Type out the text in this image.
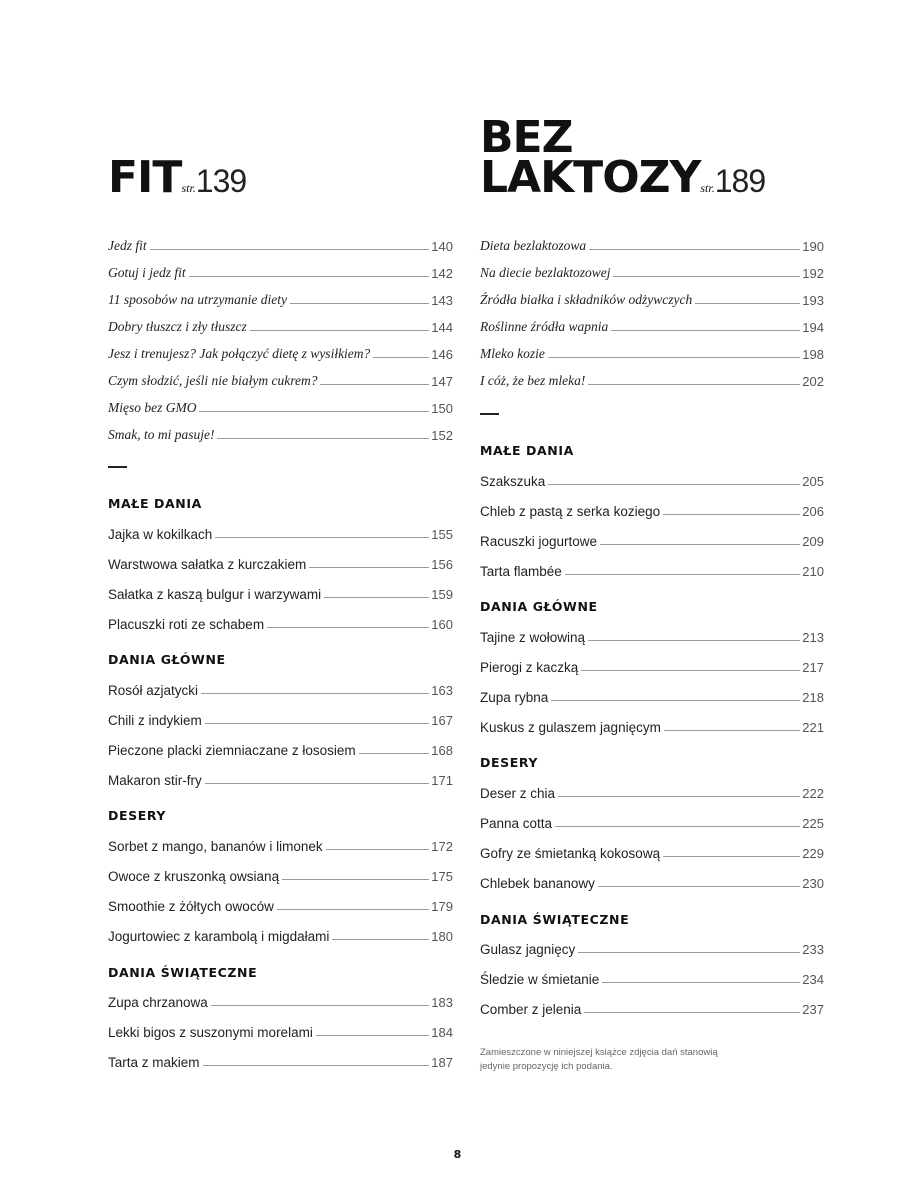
FITstr.139
Jedz fit	140
Gotuj i jedz fit	142
11 sposobów na utrzymanie diety	143
Dobry tłuszcz i zły tłuszcz	144
Jesz i trenujesz? Jak połączyć dietę z wysiłkiem?	146
Czym słodzić, jeśli nie białym cukrem?	147
Mięso bez GMO	150
Smak, to mi pasuje!	152
MAŁE DANIA
Jajka w kokilkach	155
Warstwowa sałatka z kurczakiem	156
Sałatka z kaszą bulgur i warzywami	159
Placuszki roti ze schabem	160
DANIA GŁÓWNE
Rosół azjatycki	163
Chili z indykiem	167
Pieczone placki ziemniaczane z łososiem	168
Makaron stir-fry	171
DESERY
Sorbet z mango, bananów i limonek	172
Owoce z kruszonką owsianą	175
Smoothie z żółtych owoców	179
Jogurtowiec z karambolą i migdałami	180
DANIA ŚWIĄTECZNE
Zupa chrzanowa	183
Lekki bigos z suszonymi morelami	184
Tarta z makiem	187
BEZ
LAKTOZYstr.189
Dieta bezlaktozowa	190
Na diecie bezlaktozowej	192
Źródła białka i składników odżywczych	193
Roślinne źródła wapnia	194
Mleko kozie	198
I cóż, że bez mleka!	202
MAŁE DANIA
Szakszuka	205
Chleb z pastą z serka koziego	206
Racuszki jogurtowe	209
Tarta flambée	210
DANIA GŁÓWNE
Tajine z wołowiną	213
Pierogi z kaczką	217
Zupa rybna	218
Kuskus z gulaszem jagnięcym	221
DESERY
Deser z chia	222
Panna cotta	225
Gofry ze śmietanką kokosową	229
Chlebek bananowy	230
DANIA ŚWIĄTECZNE
Gulasz jagnięcy	233
Śledzie w śmietanie	234
Comber z jelenia	237
Zamieszczone w niniejszej książce zdjęcia dań stanowią jedynie propozycję ich podania.
8
